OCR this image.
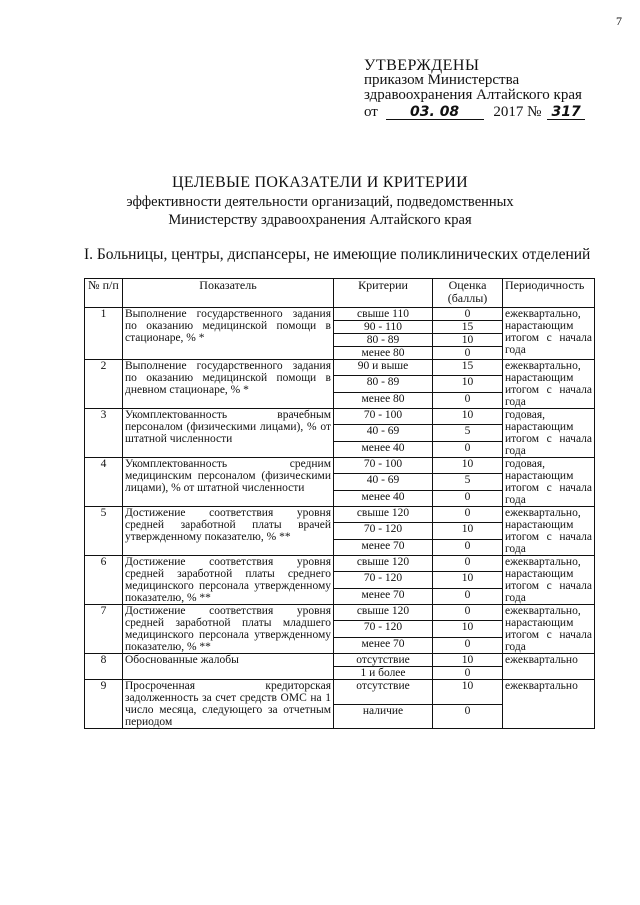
7
УТВЕРЖДЕНЫ
приказом Министерства
здравоохранения Алтайского края
от 03. 08 2017 № 317
ЦЕЛЕВЫЕ ПОКАЗАТЕЛИ И КРИТЕРИИ
эффективности деятельности организаций, подведомственных
Министерству здравоохранения Алтайского края
I. Больницы, центры, диспансеры, не имеющие поликлинических отделений
№ п/п	Показатель	Критерии	Оценка (баллы)	Периодичность
1	Выполнение государственного задания по оказанию медицинской помощи в стационаре, % *	свыше 110	0	ежеквартально, нарастающим итогом с начала года
		90 - 110	15	
		80 - 89	10	
		менее 80	0	
2	Выполнение государственного задания по оказанию медицинской помощи в дневном стационаре, % *	90 и выше	15	ежеквартально, нарастающим итогом с начала года
		80 - 89	10	
		менее 80	0	
3	Укомплектованность врачебным персоналом (физическими лицами), % от штатной численности	70 - 100	10	годовая, нарастающим итогом с начала года
		40 - 69	5	
		менее 40	0	
4	Укомплектованность средним медицинским персоналом (физическими лицами), % от штатной численности	70 - 100	10	годовая, нарастающим итогом с начала года
		40 - 69	5	
		менее 40	0	
5	Достижение соответствия уровня средней заработной платы врачей утвержденному показателю, % **	свыше 120	0	ежеквартально, нарастающим итогом с начала года
		70 - 120	10	
		менее 70	0	
6	Достижение соответствия уровня средней заработной платы среднего медицинского персонала утвержденному показателю, % **	свыше 120	0	ежеквартально, нарастающим итогом с начала года
		70 - 120	10	
		менее 70	0	
7	Достижение соответствия уровня средней заработной платы младшего медицинского персонала утвержденному показателю, % **	свыше 120	0	ежеквартально, нарастающим итогом с начала года
		70 - 120	10	
		менее 70	0	
8	Обоснованные жалобы	отсутствие	10	ежеквартально
		1 и более	0	
9	Просроченная кредиторская задолженность за счет средств ОМС на 1 число месяца, следующего за отчетным периодом	отсутствие	10	ежеквартально
		наличие	0	
